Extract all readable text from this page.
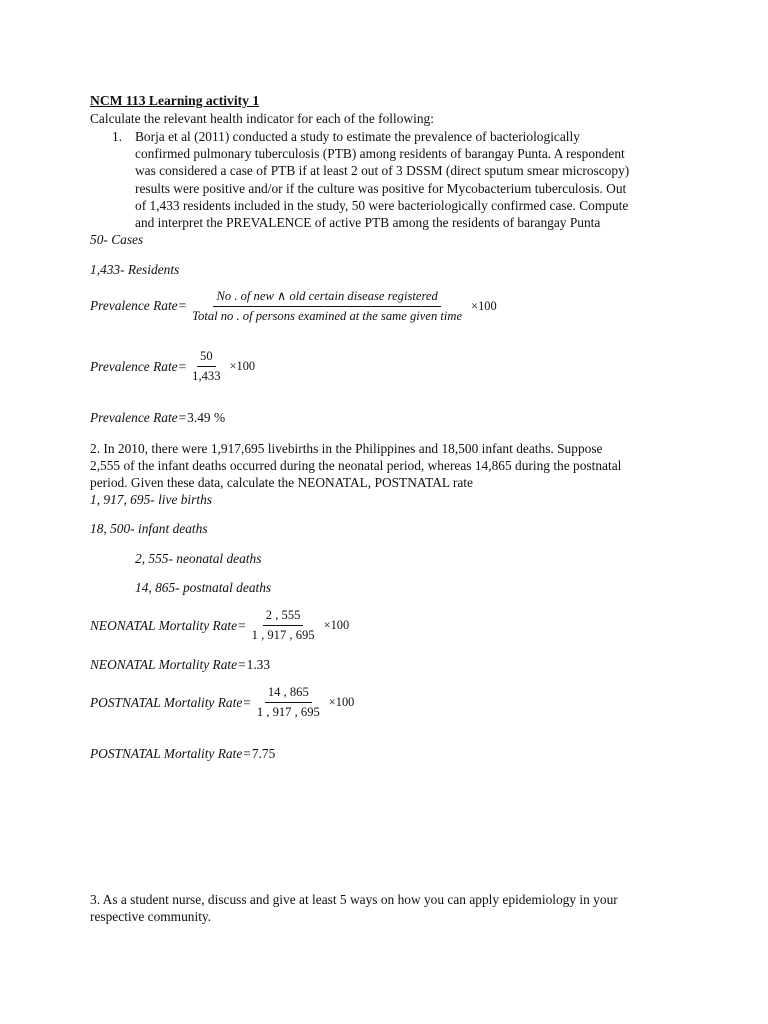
NCM 113 Learning activity 1
Calculate the relevant health indicator for each of the following:
1. Borja et al (2011) conducted a study to estimate the prevalence of bacteriologically
confirmed pulmonary tuberculosis (PTB) among residents of barangay Punta. A respondent
was considered a case of PTB if at least 2 out of 3 DSSM (direct sputum smear microscopy)
results were positive and/or if the culture was positive for Mycobacterium tuberculosis. Out
of 1,433 residents included in the study, 50 were bacteriologically confirmed case. Compute
and interpret the PREVALENCE of active PTB among the residents of barangay Punta
50- Cases
1,433- Residents
Prevalence Rate = $\frac{\text{No . of new ∧ old certain disease registered}}{\text{Total no . of persons examined at the same given time}} \times 100$
Prevalence Rate = $\frac{50}{1,433} \times 100$
Prevalence Rate = 3.49 %
2. In 2010, there were 1,917,695 livebirths in the Philippines and 18,500 infant deaths. Suppose
2,555 of the infant deaths occurred during the neonatal period, whereas 14,865 during the postnatal
period. Given these data, calculate the NEONATAL, POSTNATAL rate
1, 917, 695- live births
18, 500- infant deaths
2, 555- neonatal deaths
14, 865- postnatal deaths
NEONATAL Mortality Rate = $\frac{2 , 555}{1 , 917 , 695} \times 100$
NEONATAL Mortality Rate = 1.33
POSTNATAL Mortality Rate = $\frac{14 , 865}{1 , 917 , 695} \times 100$
POSTNATAL Mortality Rate = 7.75
3. As a student nurse, discuss and give at least 5 ways on how you can apply epidemiology in your
respective community.
